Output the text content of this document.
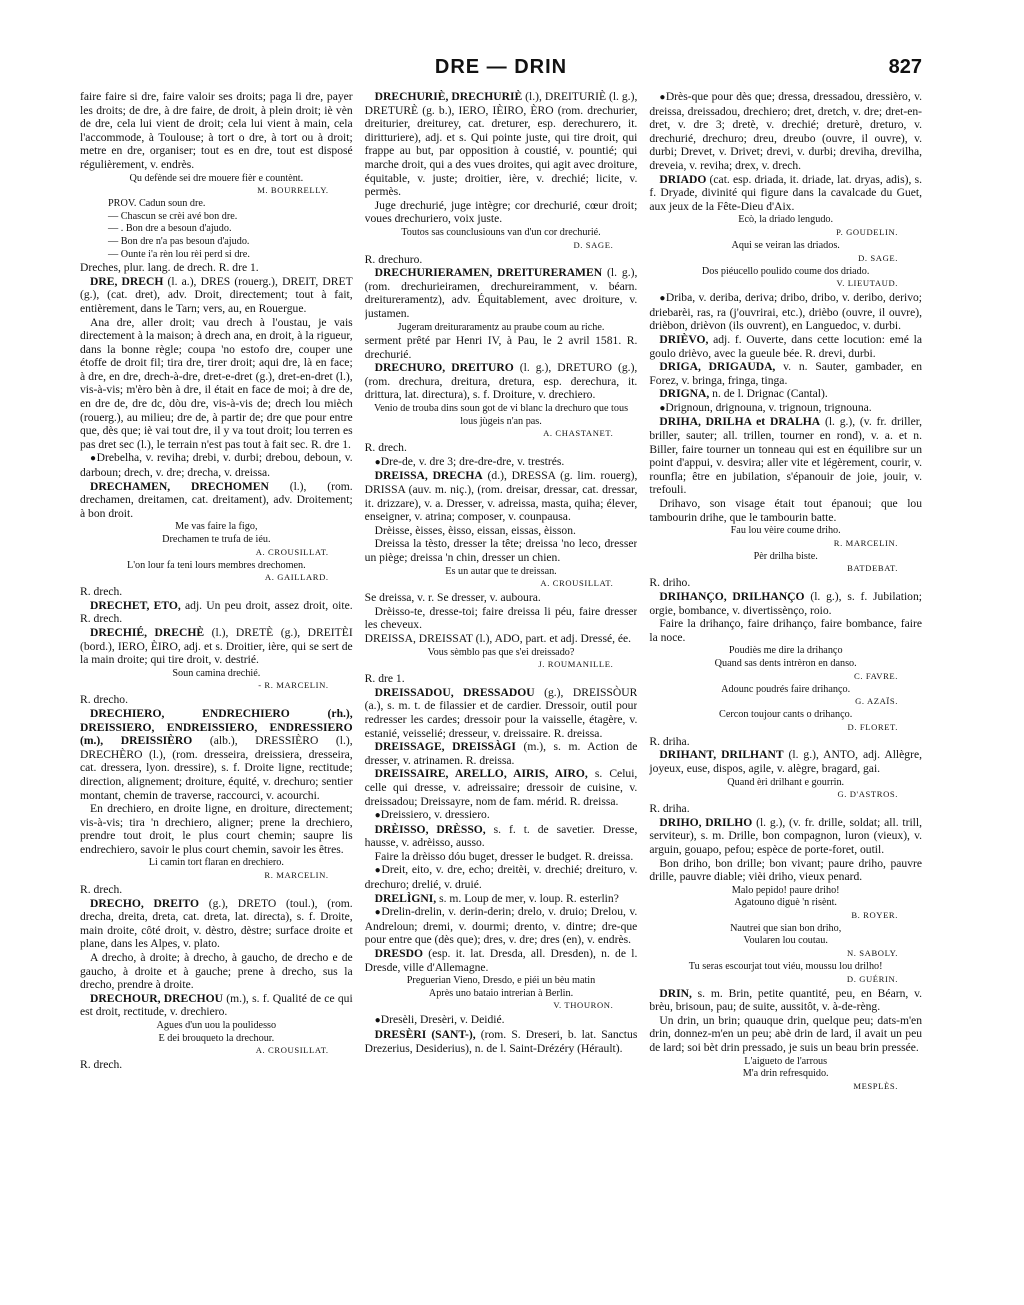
DRE — DRIN	827

faire faire si dre, faire valoir ses droits; paga li dre, payer les droits; de dre, à dre faire, de droit, à plein droit; iè vèn de dre, cela lui vient de droit; cela lui vient à main, cela l'accommode, à Toulouse; à tort o dre, à tort ou à droit; metre en dre, organiser; tout es en dre, tout est disposé régulièrement, v. endrès.

Qu defènde sei dre mouere fièr e countènt.
M. BOURRELLY.
PROV. Cadun soun dre.
— Chascun se crèi avé bon dre.
— . Bon dre a besoun d'ajudo.
— Bon dre n'a pas besoun d'ajudo.
— Ounte i'a rèn lou rèi perd si dre.

Dreches, plur. lang. de drech. R. dre 1.

DRE, DRECH (l. a.), DRES (rouerg.), DREIT, DRET (g.), (cat. dret), adv. Droit, directement; tout à fait, entièrement, dans le Tarn; vers, au, en Rouergue.

Ana dre, aller droit; vau drech à l'oustau, je vais directement à la maison; à drech ana, en droit, à la rigueur, dans la bonne règle; coupa 'no estofo dre, couper une étoffe de droit fil; tira dre, tirer droit; aqui dre, là en face; à dre, en dre, drech-à-dre, dret-e-dret (g.), dret-en-dret (l.), vis-à-vis; m'èro bèn à dre, il était en face de moi; à dre de, en dre de, dre dc, dòu dre, vis-à-vis de; drech lou mièch (rouerg.), au milieu; dre de, à partir de; dre que pour entre que, dès que; iè vai tout dre, il y va tout droit; lou terren es pas dret sec (l.), le terrain n'est pas tout à fait sec. R. dre 1.

●Drebelha, v. reviha; drebi, v. durbi; drebou, deboun, v. darboun; drech, v. dre; drecha, v. dreissa.

DRECHAMEN, DRECHOMEN (l.), (rom. drechamen, dreitamen, cat. dreitament), adv. Droitement; à bon droit.

Me vas faire la figo,
Drechamen te trufa de iéu.
A. CROUSILLAT.
L'on lour fa teni lours membres drechomen.
A. GAILLARD.

R. drech.

DRECHET, ETO, adj. Un peu droit, assez droit, oite. R. drech.

DRECHIÉ, DRECHÈ (l.), DRETÈ (g.), DREITÈI (bord.), IERO, ÈIRO, adj. et s. Droitier, ière, qui se sert de la main droite; qui tire droit, v. destrié.

Soun camina drechié.
- R. MARCELIN.

R. drecho.

DRECHIERO, ENDRECHIERO (rh.), DREISSIERO, ENDREISSIERO, ENDRESSIERO (m.), DREISSIÈRO (alb.), DRESSIÈRO (l.), DRECHÈRO (l.), (rom. dresseira, dreissiera, dresseira, cat. dressera, lyon. dressire), s. f. Droite ligne, rectitude; direction, alignement; droiture, équité, v. drechuro; sentier montant, chemin de traverse, raccourci, v. acourchi.

En drechiero, en droite ligne, en droiture, directement; vis-à-vis; tira 'n drechiero, aligner; prene la drechiero, prendre tout droit, le plus court chemin; saupre lis endrechiero, savoir le plus court chemin, savoir les êtres.

Li camin tort flaran en drechiero.
R. MARCELIN.

R. drech.

DRECHO, DREITO (g.), DRETO (toul.), (rom. drecha, dreita, dreta, cat. dreta, lat. directa), s. f. Droite, main droite, côté droit, v. dèstro, dèstre; surface droite et plane, dans les Alpes, v. plato.

A drecho, à droite; à drecho, à gaucho, de drecho e de gaucho, à droite et à gauche; prene à drecho, sus la drecho, prendre à droite.

DRECHOUR, DRECHOU (m.), s. f. Qualité de ce qui est droit, rectitude, v. drechiero.

Agues d'un uou la poulidesso
E dei brouqueto la drechour.
A. CROUSILLAT.

R. drech.

DRECHURIÈ, DRECHURIÈ (l.), DREITURIÈ (l. g.), DRETURÈ (g. b.), IERO, IÈIRO, ÈRO (rom. drechurier, dreiturier, dreiturey, cat. dreturer, esp. derechurero, it. diritturiere), adj. et s. Qui pointe juste, qui tire droit, qui frappe au but, par opposition à coustié, v. pountié; qui marche droit, qui a des vues droites, qui agit avec droiture, équitable, v. juste; droitier, ière, v. drechié; licite, v. permès.

Juge drechurié, juge intègre; cor drechurié, cœur droit; voues drechuriero, voix juste.

Toutos sas counclusiouns van d'un cor drechurié.
D. SAGE.

R. drechuro.

DRECHURIERAMEN, DREITURERAMEN (l. g.), (rom. drechurieiramen, drechureiramment, v. béarn. dreitureramentz), adv. Équitablement, avec droiture, v. justamen.

Jugeram dreituraramentz au praube coum au riche.

serment prêté par Henri IV, à Pau, le 2 avril 1581. R. drechurié.

DRECHURO, DREITURO (l. g.), DRETURO (g.), (rom. drechura, dreitura, dretura, esp. derechura, it. drittura, lat. directura), s. f. Droiture, v. drechiero.

Venio de trouba dins soun got de vi blanc la drechuro que tous lous jùgeis n'an pas.
A. CHASTANET.

R. drech.

●Dre-de, v. dre 3; dre-dre-dre, v. trestrés.

DREISSA, DRECHA (d.), DRESSA (g. lim. rouerg), DRISSA (auv. m. niç.), (rom. dreisar, dressar, cat. dressar, it. drizzare), v. a. Dresser, v. adreissa, masta, quiha; élever, enseigner, v. atrina; composer, v. counpausa.

Drèisse, èisses, èisso, eissan, eissas, èisson.

Dreissa la tèsto, dresser la tête; dreissa 'no leco, dresser un piège; dreissa 'n chin, dresser un chien.

Es un autar que te dreissan.
A. CROUSILLAT.

Se dreissa, v. r. Se dresser, v. auboura.

Drèisso-te, dresse-toi; faire dreissa li péu, faire dresser les cheveux.

DREISSA, DREISSAT (l.), ADO, part. et adj. Dressé, ée.

Vous sèmblo pas que s'ei dreissado?
J. ROUMANILLE.

R. dre 1.

DREISSADOU, DRESSADOU (g.), DREISSÒUR (a.), s. m. t. de filassier et de cardier. Dressoir, outil pour redresser les cardes; dressoir pour la vaisselle, étagère, v. estanié, veisselié; dresseur, v. dreissaire. R. dreissa.

DREISSAGE, DREISSÀGI (m.), s. m. Action de dresser, v. atrinamen. R. dreissa.

DREISSAIRE, ARELLO, AIRIS, AIRO, s. Celui, celle qui dresse, v. adreissaire; dressoir de cuisine, v. dreissadou; Dreissayre, nom de fam. mérid. R. dreissa.

●Dreissiero, v. dressiero.

DRÈISSO, DRÈSSO, s. f. t. de savetier. Dresse, hausse, v. adrèisso, ausso.

Faire la drèisso dóu buget, dresser le budget. R. dreissa.

●Dreit, eito, v. dre, echo; dreitèi, v. drechié; dreituro, v. drechuro; drelié, v. druié.

DRELÌGNI, s. m. Loup de mer, v. loup. R. esterlin?

●Drelin-drelin, v. derin-derin; drelo, v. druio; Drelou, v. Andreloun; dremi, v. dourmi; drento, v. dintre; dre-que pour entre que (dès que); dres, v. dre; dres (en), v. endrès.

DRESDO (esp. it. lat. Dresda, all. Dresden), n. de l. Dresde, ville d'Allemagne.

Preguerian Vieno, Dresdo, e piéi un bèu matin
Après uno bataio intrerian à Berlin.
V. THOURON.

●Dresèli, Dresèri, v. Deidié.

DRESÈRI (SANT-), (rom. S. Dreseri, b. lat. Sanctus Drezerius, Desiderius), n. de l. Saint-Drézéry (Hérault).

●Drès-que pour dès que; dressa, dressadou, dressièro, v. dreissa, dreissadou, drechiero; dret, dretch, v. dre; dret-en-dret, v. dre 3; dretè, v. drechié; dreturè, dreturo, v. drechurié, drechuro; dreu, dreubo (ouvre, il ouvre), v. durbi; Drevet, v. Drivet; drevi, v. durbi; dreviha, drevilha, dreveia, v. reviha; drex, v. drech.

DRIADO (cat. esp. driada, it. driade, lat. dryas, adis), s. f. Dryade, divinité qui figure dans la cavalcade du Guet, aux jeux de la Fête-Dieu d'Aix.

Ecò, la driado lengudo.
P. GOUDELIN.
Aqui se veiran las driados.
D. SAGE.
Dos piéucello poulido coume dos driado.
V. LIEUTAUD.

●Driba, v. deriba, deriva; dribo, dribo, v. deribo, derivo; driebarèi, ras, ra (j'ouvrirai, etc.), drièbo (ouvre, il ouvre), drièbon, drièvon (ils ouvrent), en Languedoc, v. durbi.

DRIÈVO, adj. f. Ouverte, dans cette locution: emé la goulo drièvo, avec la gueule bée. R. drevi, durbi.

DRIGA, DRIGAUDA, v. n. Sauter, gambader, en Forez, v. bringa, fringa, tinga.

DRIGNA, n. de l. Drignac (Cantal).

●Drignoun, drignouna, v. trignoun, trignouna.

DRIHA, DRILHA et DRALHA (l. g.), (v. fr. driller, briller, sauter; all. trillen, tourner en rond), v. a. et n. Biller, faire tourner un tonneau qui est en équilibre sur un point d'appui, v. desvira; aller vite et légèrement, courir, v. rounfla; être en jubilation, s'épanouir de joie, jouir, v. trefouli.

Drihavo, son visage était tout épanoui; que lou tambourin drihe, que le tambourin batte.

Fau lou vèire coume driho.
R. MARCELIN.
Pèr drilha biste.
BATDEBAT.

R. driho.

DRIHANÇO, DRILHANÇO (l. g.), s. f. Jubilation; orgie, bombance, v. divertissènço, roio.

Faire la drihanço, faire drihanço, faire bombance, faire la noce.

Poudiès me dire la drihanço
Quand sas dents intrèron en danso.
C. FAVRE.
Adounc poudrés faire drihanço.
G. AZAÏS.
Cercon toujour cants o drihanço.
D. FLORET.

R. driha.

DRIHANT, DRILHANT (l. g.), ANTO, adj. Allègre, joyeux, euse, dispos, agile, v. alègre, bragard, gai.

Quand èri drilhant e gourrin.
G. D'ASTROS.

R. driha.

DRIHO, DRILHO (l. g.), (v. fr. drille, soldat; all. trill, serviteur), s. m. Drille, bon compagnon, luron (vieux), v. arguin, gouapo, pefou; espèce de porte-foret, outil.

Bon driho, bon drille; bon vivant; paure driho, pauvre drille, pauvre diable; vièi driho, vieux penard.

Malo pepido! paure driho!
Agatouno diguè 'n risènt.
B. ROYER.
Nautrei que sian bon driho,
Voularen lou coutau.
N. SABOLY.
Tu seras escourjat tout viéu, moussu lou drilho!
D. GUÉRIN.

DRIN, s. m. Brin, petite quantité, peu, en Béarn, v. brèu, brisoun, pau; de suite, aussitôt, v. à-de-rèng.

Un drin, un brin; quauque drin, quelque peu; dats-m'en drin, donnez-m'en un peu; abè drin de lard, il avait un peu de lard; soi bèt drin pressado, je suis un beau brin pressée.

L'aigueto de l'arrous
M'a drin refresquido.
MESPLÈS.
